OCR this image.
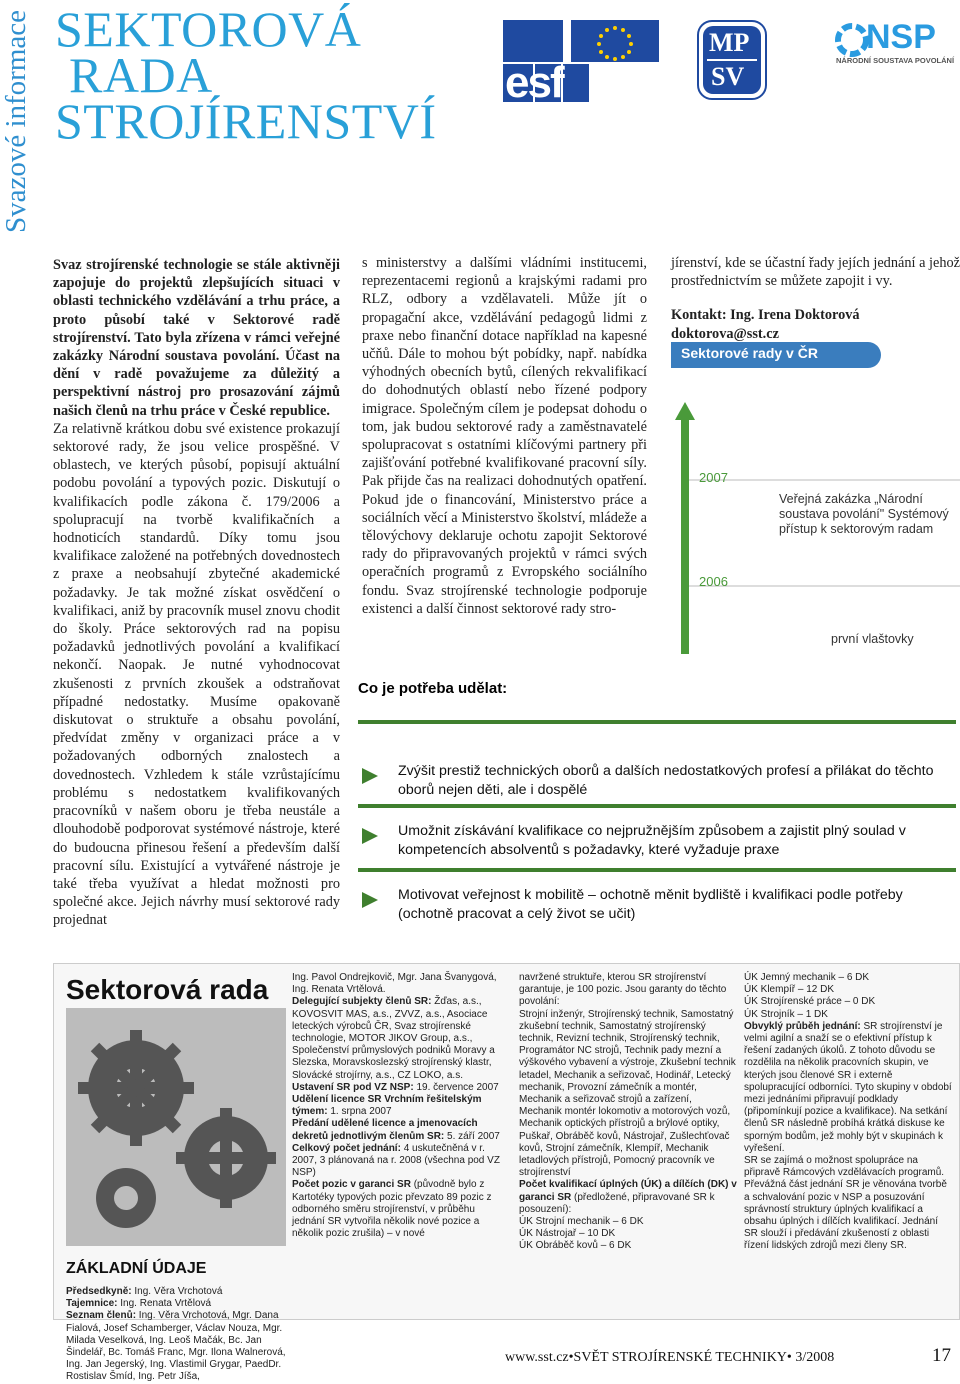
Svazové informace SEKTOROVÁ
RADA
STROJÍRENSTVÍ
esf
MP
SV
NSP
NÁRODNÍ SOUSTAVA POVOLÁNÍ

Svaz strojírenské technologie se stále aktivněji zapojuje do projektů zlepšujících situaci v oblasti technického vzdělávání a trhu práce, a proto působí také v Sektorové radě strojírenství. Tato byla zřízena v rámci veřejné zakázky Národní soustava povolání. Účast na dění v radě považujeme za důležitý a perspektivní nástroj pro prosazování zájmů našich členů na trhu práce v České republice.

Za relativně krátkou dobu své existence prokazují sektorové rady, že jsou velice prospěšné. V oblastech, ve kterých působí, popisují aktuální podobu povolání a typových pozic. Diskutují o kvalifikacích podle zákona č. 179/2006 a spolupracují na tvorbě kvalifikačních a hodnoticích standardů. Díky tomu jsou kvalifikace založené na potřebných dovednostech z praxe a neobsahují zbytečné akademické požadavky. Je tak možné získat osvědčení o kvalifikaci, aniž by pracovník musel znovu chodit do školy. Práce sektorových rad na popisu požadavků jednotlivých povolání a kvalifikací nekončí. Naopak. Je nutné vyhodnocovat zkušenosti z prvních zkoušek a odstraňovat případné nedostatky. Musíme opakovaně diskutovat o struktuře a obsahu povolání, předvídat změny v organizaci práce a v požadovaných odborných znalostech a dovednostech. Vzhledem k stále vzrůstajícímu problému s nedostatkem kvalifikovaných pracovníků v našem oboru je třeba neustále a dlouhodobě podporovat systémové nástroje, které do budoucna přinesou řešení a především další pracovní sílu. Existující a vytvářené nástroje je také třeba využívat a hledat možnosti pro společné akce. Jejich návrhy musí sektorové rady projednat

s ministerstvy a dalšími vládními institucemi, reprezentacemi regionů a krajskými radami pro RLZ, odbory a vzdělavateli. Může jít o propagační akce, vzdělávání pedagogů lidmi z praxe nebo finanční dotace například na kapesné učňů. Dále to mohou být pobídky, např. nabídka výhodných obecních bytů, cílených rekvalifikací do dohodnutých oblastí nebo řízené podpory imigrace. Společným cílem je podepsat dohodu o tom, jak budou sektorové rady a zaměstnavatelé spolupracovat s ostatními klíčovými partnery při zajišťování potřebné kvalifikované pracovní síly. Pak přijde čas na realizaci dohodnutých opatření. Pokud jde o financování, Ministerstvo práce a sociálních věcí a Ministerstvo školství, mládeže a tělovýchovy deklaruje ochotu zapojit Sektorové rady do připravovaných projektů v rámci svých operačních programů z Evropského sociálního fondu. Svaz strojírenské technologie podporuje existenci a další činnost sektorové rady stro-

jírenství, kde se účastní řady jejích jednání a jehož prostřednictvím se můžete zapojit i vy.

Kontakt: Ing. Irena Doktorová

doktorova@sst.cz

Sektorové rady v ČR
2007
Veřejná zakázka „Národní soustava povolání" Systémový přístup k sektorovým radam
2006
první vlaštovky
Co je potřeba udělat:
Zvýšit prestiž technických oborů a dalších nedostatkových profesí a přilákat do těchto oborů nejen děti, ale i dospělé
Umožnit získávání kvalifikace co nejpružnějším způsobem a zajistit plný soulad v kompetencích absolventů s požadavky, které vyžaduje praxe
Motivovat veřejnost k mobilitě – ochotně měnit bydliště i kvalifikaci podle potřeby (ochotně pracovat a celý život se učit)
Sektorová rada
ZÁKLADNÍ ÚDAJE
Předsedkyně: Ing. Věra Vrchotová
Tajemnice: Ing. Renata Vrtělová
Seznam členů: Ing. Věra Vrchotová, Mgr. Dana Fialová, Josef Schamberger, Václav Nouza, Mgr. Milada Veselková, Ing. Leoš Mačák, Bc. Jan Šindelář, Bc. Tomáš Franc, Mgr. Ilona Walnerová, Ing. Jan Jegerský, Ing. Vlastimil Grygar, PaedDr. Rostislav Šmíd, Ing. Petr Jíša,
Ing. Pavol Ondrejkovič, Mgr. Jana Švanygová, Ing. Renata Vrtělová.
Delegující subjekty členů SR: Žďas, a.s., KOVOSVIT MAS, a.s., ZVVZ, a.s., Asociace leteckých výrobců ČR, Svaz strojírenské technologie, MOTOR JIKOV Group, a.s., Společenství průmyslových podniků Moravy a Slezska, Moravskoslezský strojírenský klastr, Slovácké strojírny, a.s., CZ LOKO, a.s.
Ustavení SR pod VZ NSP: 19. července 2007
Udělení licence SR Vrchním řešitelským týmem: 1. srpna 2007
Předání udělené licence a jmenovacích dekretů jednotlivým členům SR: 5. září 2007
Celkový počet jednání: 4 uskutečněná v r. 2007, 3 plánovaná na r. 2008 (všechna pod VZ NSP)
Počet pozic v garanci SR (původně bylo z Kartotéky typových pozic převzato 89 pozic z odborného směru strojírenství, v průběhu jednání SR vytvořila několik nové pozice a několik pozic zrušila) – v nové
navržené struktuře, kterou SR strojírenství garantuje, je 100 pozic. Jsou garanty do těchto povolání:
Strojní inženýr, Strojírenský technik, Samostatný zkušební technik, Samostatný strojírenský technik, Revizní technik, Strojírenský technik, Programátor NC strojů, Technik pady mezní a výškového vybavení a výstroje, Zkušební technik letadel, Mechanik a seřizovač, Hodinář, Letecký mechanik, Provozní zámečník a montér, Mechanik a seřizovač strojů a zařízení, Mechanik montér lokomotiv a motorových vozů, Mechanik optických přístrojů a brýlové optiky, Puškař, Obráběč kovů, Nástrojař, Zušlechťovač kovů, Strojní zámečník, Klempíř, Mechanik letadlových přístrojů, Pomocný pracovník ve strojírenství
Počet kvalifikací úplných (ÚK) a dílčích (DK) v garanci SR (předložené, připravované SR k posouzení):
ÚK Strojní mechanik – 6 DK
ÚK Nástrojař – 10 DK
ÚK Obráběč kovů – 6 DK
ÚK Jemný mechanik – 6 DK
ÚK Klempíř – 12 DK
ÚK Strojírenské práce – 0 DK
ÚK Strojník – 1 DK
Obvyklý průběh jednání: SR strojírenství je velmi agilní a snaží se o efektivní přístup k řešení zadaných úkolů. Z tohoto důvodu se rozdělila na několik pracovních skupin, ve kterých jsou členové SR i externě spolupracující odborníci. Tyto skupiny v období mezi jednáními připravují podklady (připomínkují pozice a kvalifikace). Na setkání členů SR následně probíhá krátká diskuse ke sporným bodům, jež mohly být v skupinách k vyřešení.
SR se zajímá o možnost spolupráce na připravě Rámcových vzdělávacích programů. Převážná část jednání SR je věnována tvorbě a schvalování pozic v NSP a posuzování správností struktury úplných kvalifikací a obsahu úplných i dílčích kvalifikací. Jednání SR slouží i předávání zkušeností z oblasti řízení lidských zdrojů mezi členy SR.
www.sst.cz•SVĚT STROJÍRENSKÉ TECHNIKY• 3/2008	17
